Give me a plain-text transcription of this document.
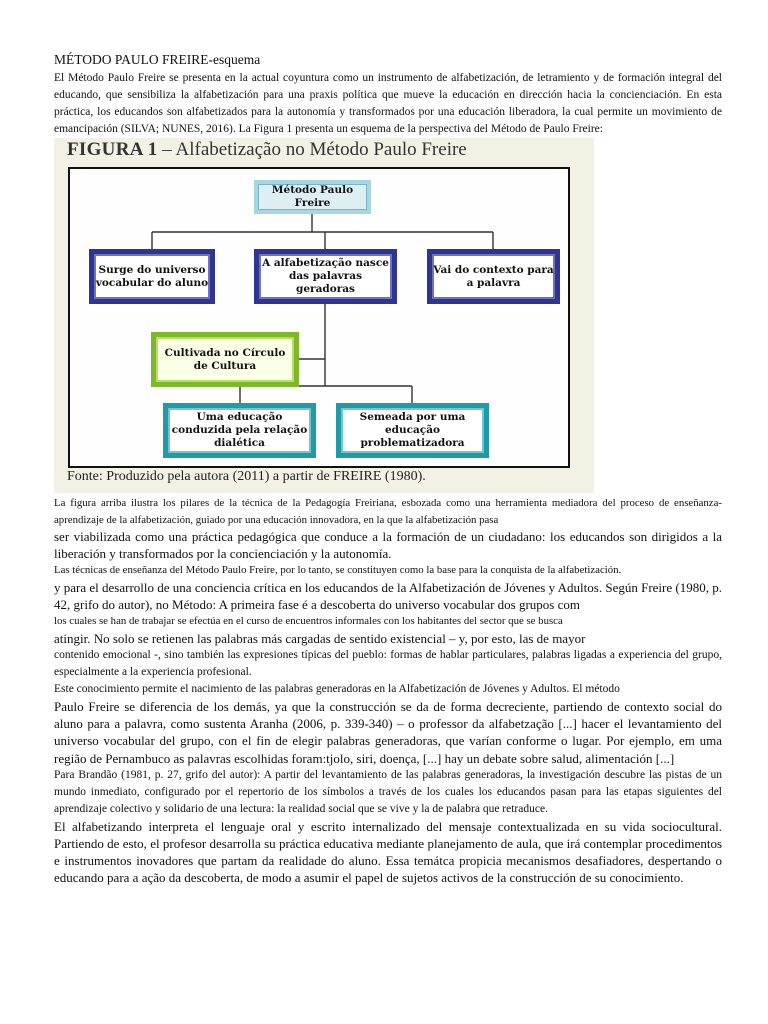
MÉTODO PAULO FREIRE-esquema

El Método Paulo Freire se presenta en la actual coyuntura como un instrumento de alfabetización, de letramiento y de formación integral del educando, que sensibiliza la alfabetización para una praxis política que mueve la educación en dirección hacia la concienciación. En esta práctica, los educandos son alfabetizados para la autonomía y transformados por una educación liberadora, la cual permite un movimiento de emancipación (SILVA; NUNES, 2016). La Figura 1 presenta un esquema de la perspectiva del Método de Paulo Freire:

FIGURA 1 – Alfabetização no Método Paulo Freire
Método Paulo Freire
Surge do universo vocabular do aluno
A alfabetização nasce das palavras geradoras
Vai do contexto para a palavra
Cultivada no Círculo de Cultura
Uma educação conduzida pela relação dialética
Semeada por uma educação problematizadora
Fonte: Produzido pela autora (2011) a partir de FREIRE (1980).

La figura arriba ilustra los pilares de la técnica de la Pedagogía Freiriana, esbozada como una herramienta mediadora del proceso de enseñanza-aprendizaje de la alfabetización, guiado por una educación innovadora, en la que la alfabetización pasa

ser viabilizada como una práctica pedagógica que conduce a la formación de un ciudadano: los educandos son dirigidos a la liberación y transformados por la concienciación y la autonomía.

Las técnicas de enseñanza del Método Paulo Freire, por lo tanto, se constituyen como la base para la conquista de la alfabetización.

y para el desarrollo de una conciencia crítica en los educandos de la Alfabetización de Jóvenes y Adultos. Según Freire (1980, p. 42, grifo do autor), no Método: A primeira fase é a descoberta do universo vocabular dos grupos com

los cuales se han de trabajar se efectúa en el curso de encuentros informales con los habitantes del sector que se busca

atingir. No solo se retienen las palabras más cargadas de sentido existencial – y, por esto, las de mayor

contenido emocional -, sino también las expresiones típicas del pueblo: formas de hablar particulares, palabras ligadas a experiencia del grupo, especialmente a la experiencia profesional.

Este conocimiento permite el nacimiento de las palabras generadoras en la Alfabetización de Jóvenes y Adultos. El método

Paulo Freire se diferencia de los demás, ya que la construcción se da de forma decreciente, partiendo de contexto social do aluno para a palavra, como sustenta Aranha (2006, p. 339-340) – o professor da alfabetzação [...] hacer el levantamiento del universo vocabular del grupo, con el fin de elegir palabras generadoras, que varían conforme o lugar. Por ejemplo, em uma região de Pernambuco as palavras escolhidas foram:tjolo, siri, doença, [...] hay un debate sobre salud, alimentación [...]

Para Brandão (1981, p. 27, grifo del autor): A partir del levantamiento de las palabras generadoras, la investigación descubre las pistas de un mundo inmediato, configurado por el repertorio de los símbolos a través de los cuales los educandos pasan para las etapas siguientes del aprendizaje colectivo y solidario de una lectura: la realidad social que se vive y la de palabra que retraduce.

El alfabetizando interpreta el lenguaje oral y escrito internalizado del mensaje contextualizada en su vida sociocultural. Partiendo de esto, el profesor desarrolla su práctica educativa mediante planejamento de aula, que irá contemplar procedimentos e instrumentos inovadores que partam da realidade do aluno. Essa temátca propicia mecanismos desafiadores, despertando o educando para a ação da descoberta, de modo a asumir el papel de sujetos activos de la construcción de su conocimiento.
